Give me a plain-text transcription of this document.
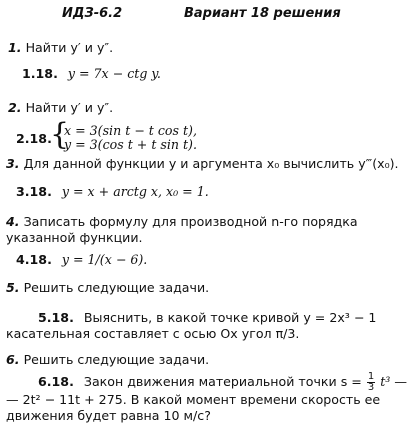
ИДЗ-6.2	Вариант 18 решения
1. Найти y′ и y″.
1.18. y = 7x − ctg y.
2. Найти y′ и y″.
2.18.
{
x = 3(sin t − t cos t),
y = 3(cos t + t sin t).
3. Для данной функции y и аргумента x₀ вычислить y‴(x₀).
3.18. y = x + arctg x, x₀ = 1.
4. Записать формулу для производной n-го порядка
указанной функции.
4.18. y = 1/(x − 6).
5. Решить следующие задачи.
5.18. Выяснить, в какой точке кривой y = 2x³ − 1
касательная составляет с осью Ox угол π/3.
6. Решить следующие задачи.
6.18. Закон движения материальной точки $s = \frac{1}{3} t^3$ —
— 2t² − 11t + 275. В какой момент времени скорость ее
движения будет равна 10 м/с?
